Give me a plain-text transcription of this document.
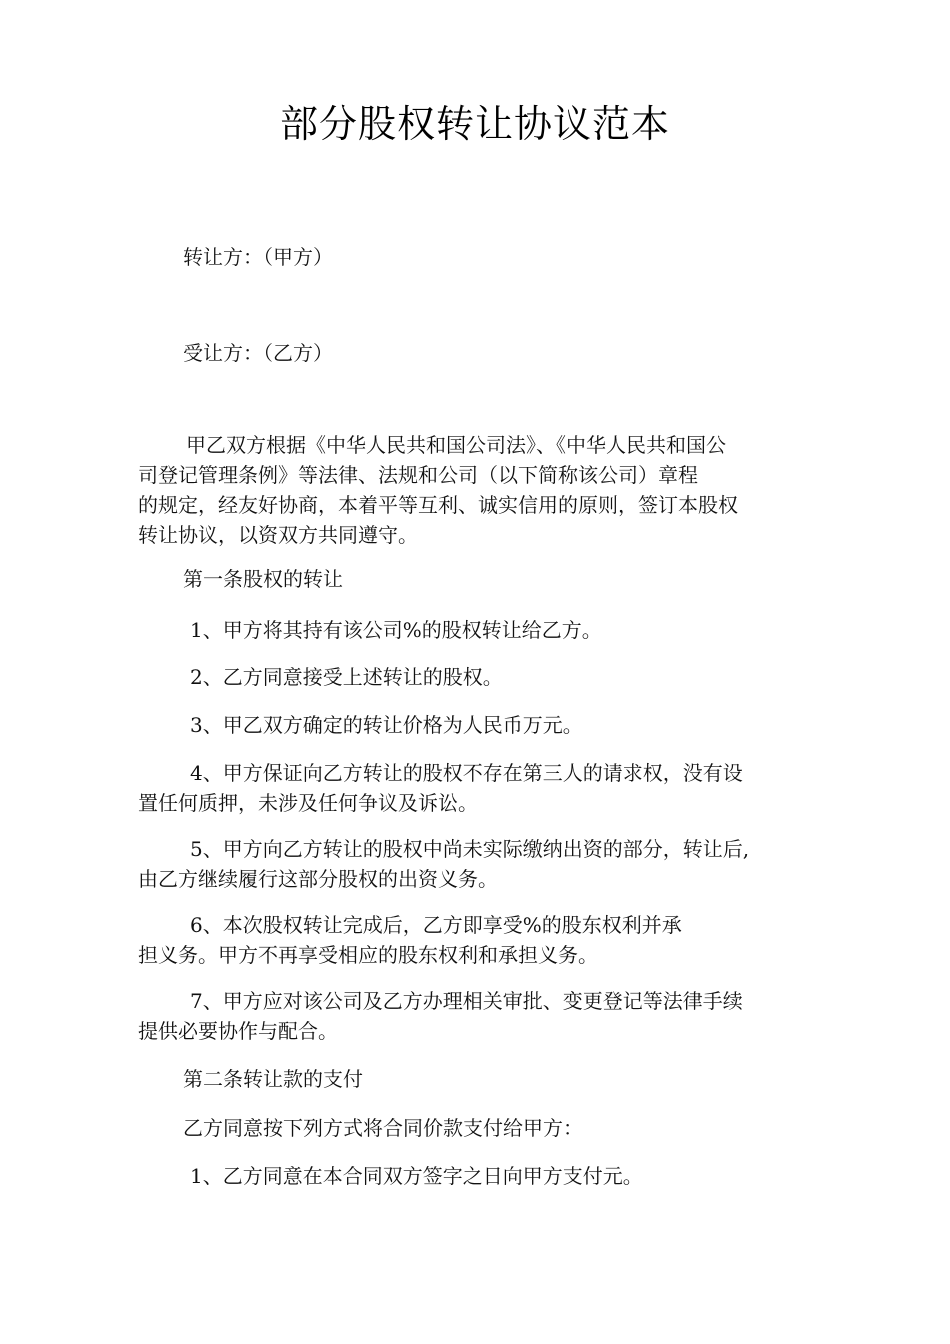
部分股权转让协议范本
转让方：（甲方）
受让方：（乙方）

甲乙双方根据《中华人民共和国公司法》、《中华人民共和国公

司登记管理条例》等法律、法规和公司（以下简称该公司）章程

的规定，经友好协商，本着平等互利、诚实信用的原则，签订本股权

转让协议，以资双方共同遵守。

第一条股权的转让
1、甲方将其持有该公司%的股权转让给乙方。
2、乙方同意接受上述转让的股权。
3、甲乙双方确定的转让价格为人民币万元。

4、甲方保证向乙方转让的股权不存在第三人的请求权，没有设

置任何质押，未涉及任何争议及诉讼。

5、甲方向乙方转让的股权中尚未实际缴纳出资的部分，转让后,

由乙方继续履行这部分股权的出资义务。

6、本次股权转让完成后，乙方即享受%的股东权利并承

担义务。甲方不再享受相应的股东权利和承担义务。

7、甲方应对该公司及乙方办理相关审批、变更登记等法律手续

提供必要协作与配合。

第二条转让款的支付
乙方同意按下列方式将合同价款支付给甲方：
1、乙方同意在本合同双方签字之日向甲方支付元。
